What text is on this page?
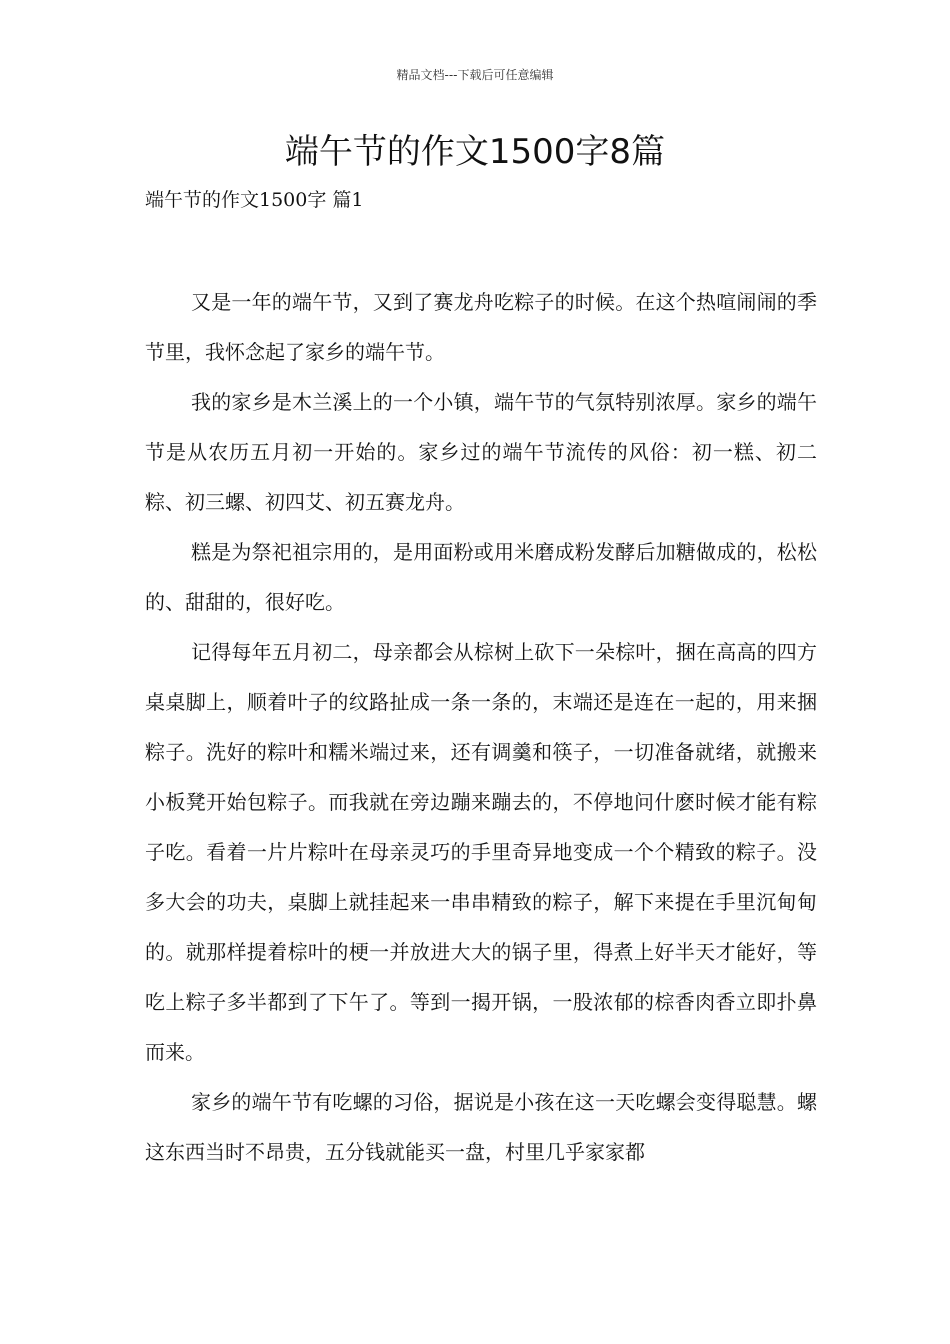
精品文档---下载后可任意编辑
端午节的作文1500字8篇
端午节的作文1500字 篇1

又是一年的端午节，又到了赛龙舟吃粽子的时候。在这个热喧闹闹的季节里，我怀念起了家乡的端午节。

我的家乡是木兰溪上的一个小镇，端午节的气氛特别浓厚。家乡的端午节是从农历五月初一开始的。家乡过的端午节流传的风俗：初一糕、初二粽、初三螺、初四艾、初五赛龙舟。

糕是为祭祀祖宗用的，是用面粉或用米磨成粉发酵后加糖做成的，松松的、甜甜的，很好吃。

记得每年五月初二，母亲都会从棕树上砍下一朵棕叶，捆在高高的四方桌桌脚上，顺着叶子的纹路扯成一条一条的，末端还是连在一起的，用来捆粽子。洗好的粽叶和糯米端过来，还有调羹和筷子，一切准备就绪，就搬来小板凳开始包粽子。而我就在旁边蹦来蹦去的，不停地问什麽时候才能有粽子吃。看着一片片粽叶在母亲灵巧的手里奇异地变成一个个精致的粽子。没多大会的功夫，桌脚上就挂起来一串串精致的粽子，解下来提在手里沉甸甸的。就那样提着棕叶的梗一并放进大大的锅子里，得煮上好半天才能好，等吃上粽子多半都到了下午了。等到一揭开锅，一股浓郁的棕香肉香立即扑鼻而来。

家乡的端午节有吃螺的习俗，据说是小孩在这一天吃螺会变得聪慧。螺这东西当时不昂贵，五分钱就能买一盘，村里几乎家家都
